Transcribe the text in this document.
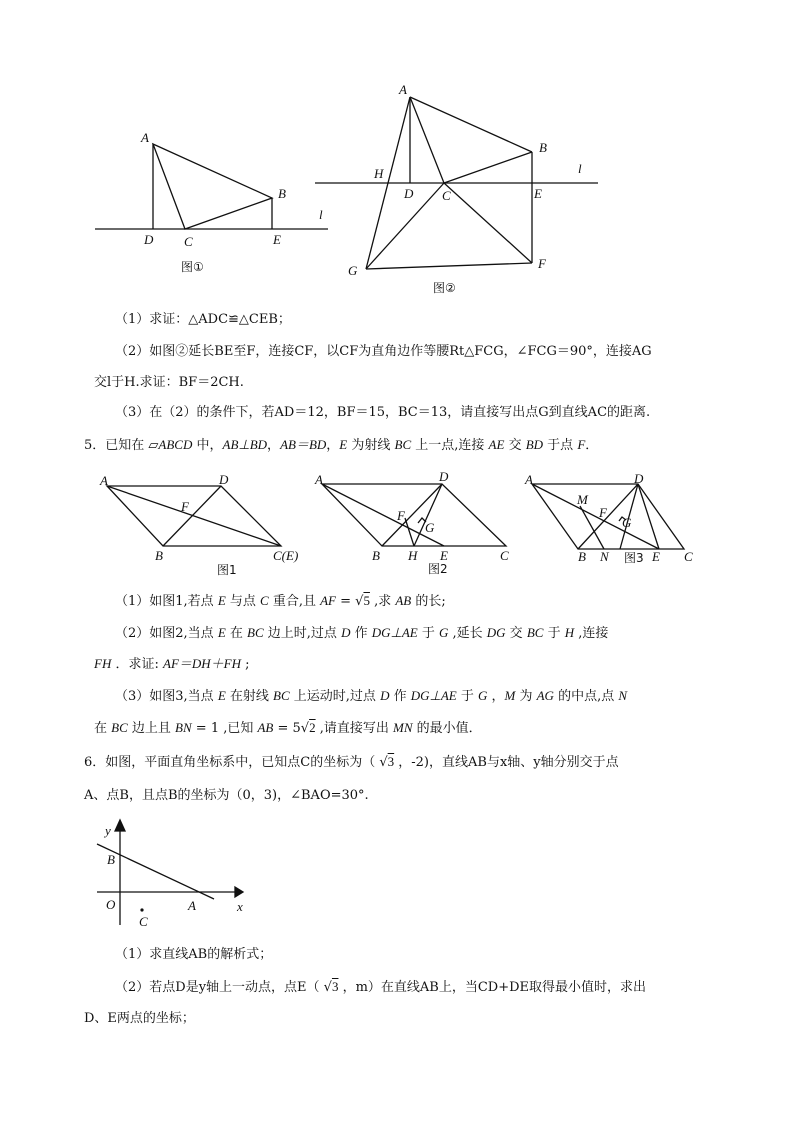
A
B
C
D	E
l
图①
A
B
H
D C	E
l
G	F
图②
（1）求证：△ADC≌△CEB；
（2）如图②延长BE至F，连接CF，以CF为直角边作等腰Rt△FCG，∠FCG＝90°，连接AG
交l于H.求证：BF＝2CH.
（3）在（2）的条件下，若AD＝12，BF＝15，BC＝13，请直接写出点G到直线AC的距离.
5．已知在 ▱ABCD 中，AB⊥BD，AB＝BD，E 为射线 BC 上一点,连接 AE 交 BD 于点 F．
A	D
F
B	C(E)
图1
A	D
F
G
B H E	C
图2
A	D
M
F
G
B N	E C
图3
（1）如图1,若点 E 与点 C 重合,且 AF = √5 ,求 AB 的长;
（2）如图2,当点 E 在 BC 边上时,过点 D 作 DG⊥AE 于 G ,延长 DG 交 BC 于 H ,连接
FH ．求证: AF＝DH＋FH ;
（3）如图3,当点 E 在射线 BC 上运动时,过点 D 作 DG⊥AE 于 G ，M 为 AG 的中点,点 N
在 BC 边上且 BN = 1 ,已知 AB = 5√2 ,请直接写出 MN 的最小值．
6．如图，平面直角坐标系中，已知点C的坐标为（ √3 ，-2)，直线AB与x轴、y轴分别交于点
A、点B，且点B的坐标为（0，3)，∠BAO=30°.
y
x
B
O	A
C
（1）求直线AB的解析式；
（2）若点D是y轴上一动点，点E（ √3 ，m）在直线AB上，当CD+DE取得最小值时，求出
D、E两点的坐标；
